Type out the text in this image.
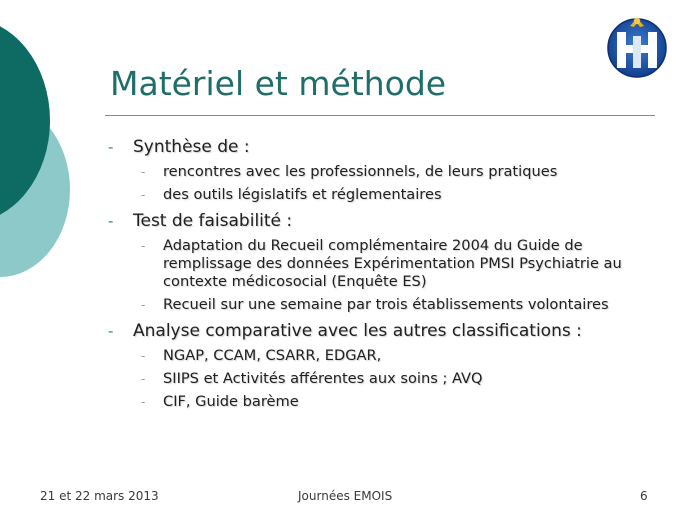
Matériel et méthode
- Synthèse de :
- rencontres avec les professionnels, de leurs pratiques
- des outils législatifs et réglementaires
- Test de faisabilité :
- Adaptation du Recueil complémentaire 2004 du Guide de remplissage des données Expérimentation PMSI Psychiatrie au contexte médicosocial (Enquête ES)
- Recueil sur une semaine par trois établissements volontaires
- Analyse comparative avec les autres classifications :
- NGAP, CCAM, CSARR, EDGAR,
- SIIPS et Activités afférentes aux soins ; AVQ
- CIF, Guide barème
21 et 22 mars 2013	Journées EMOIS	6
